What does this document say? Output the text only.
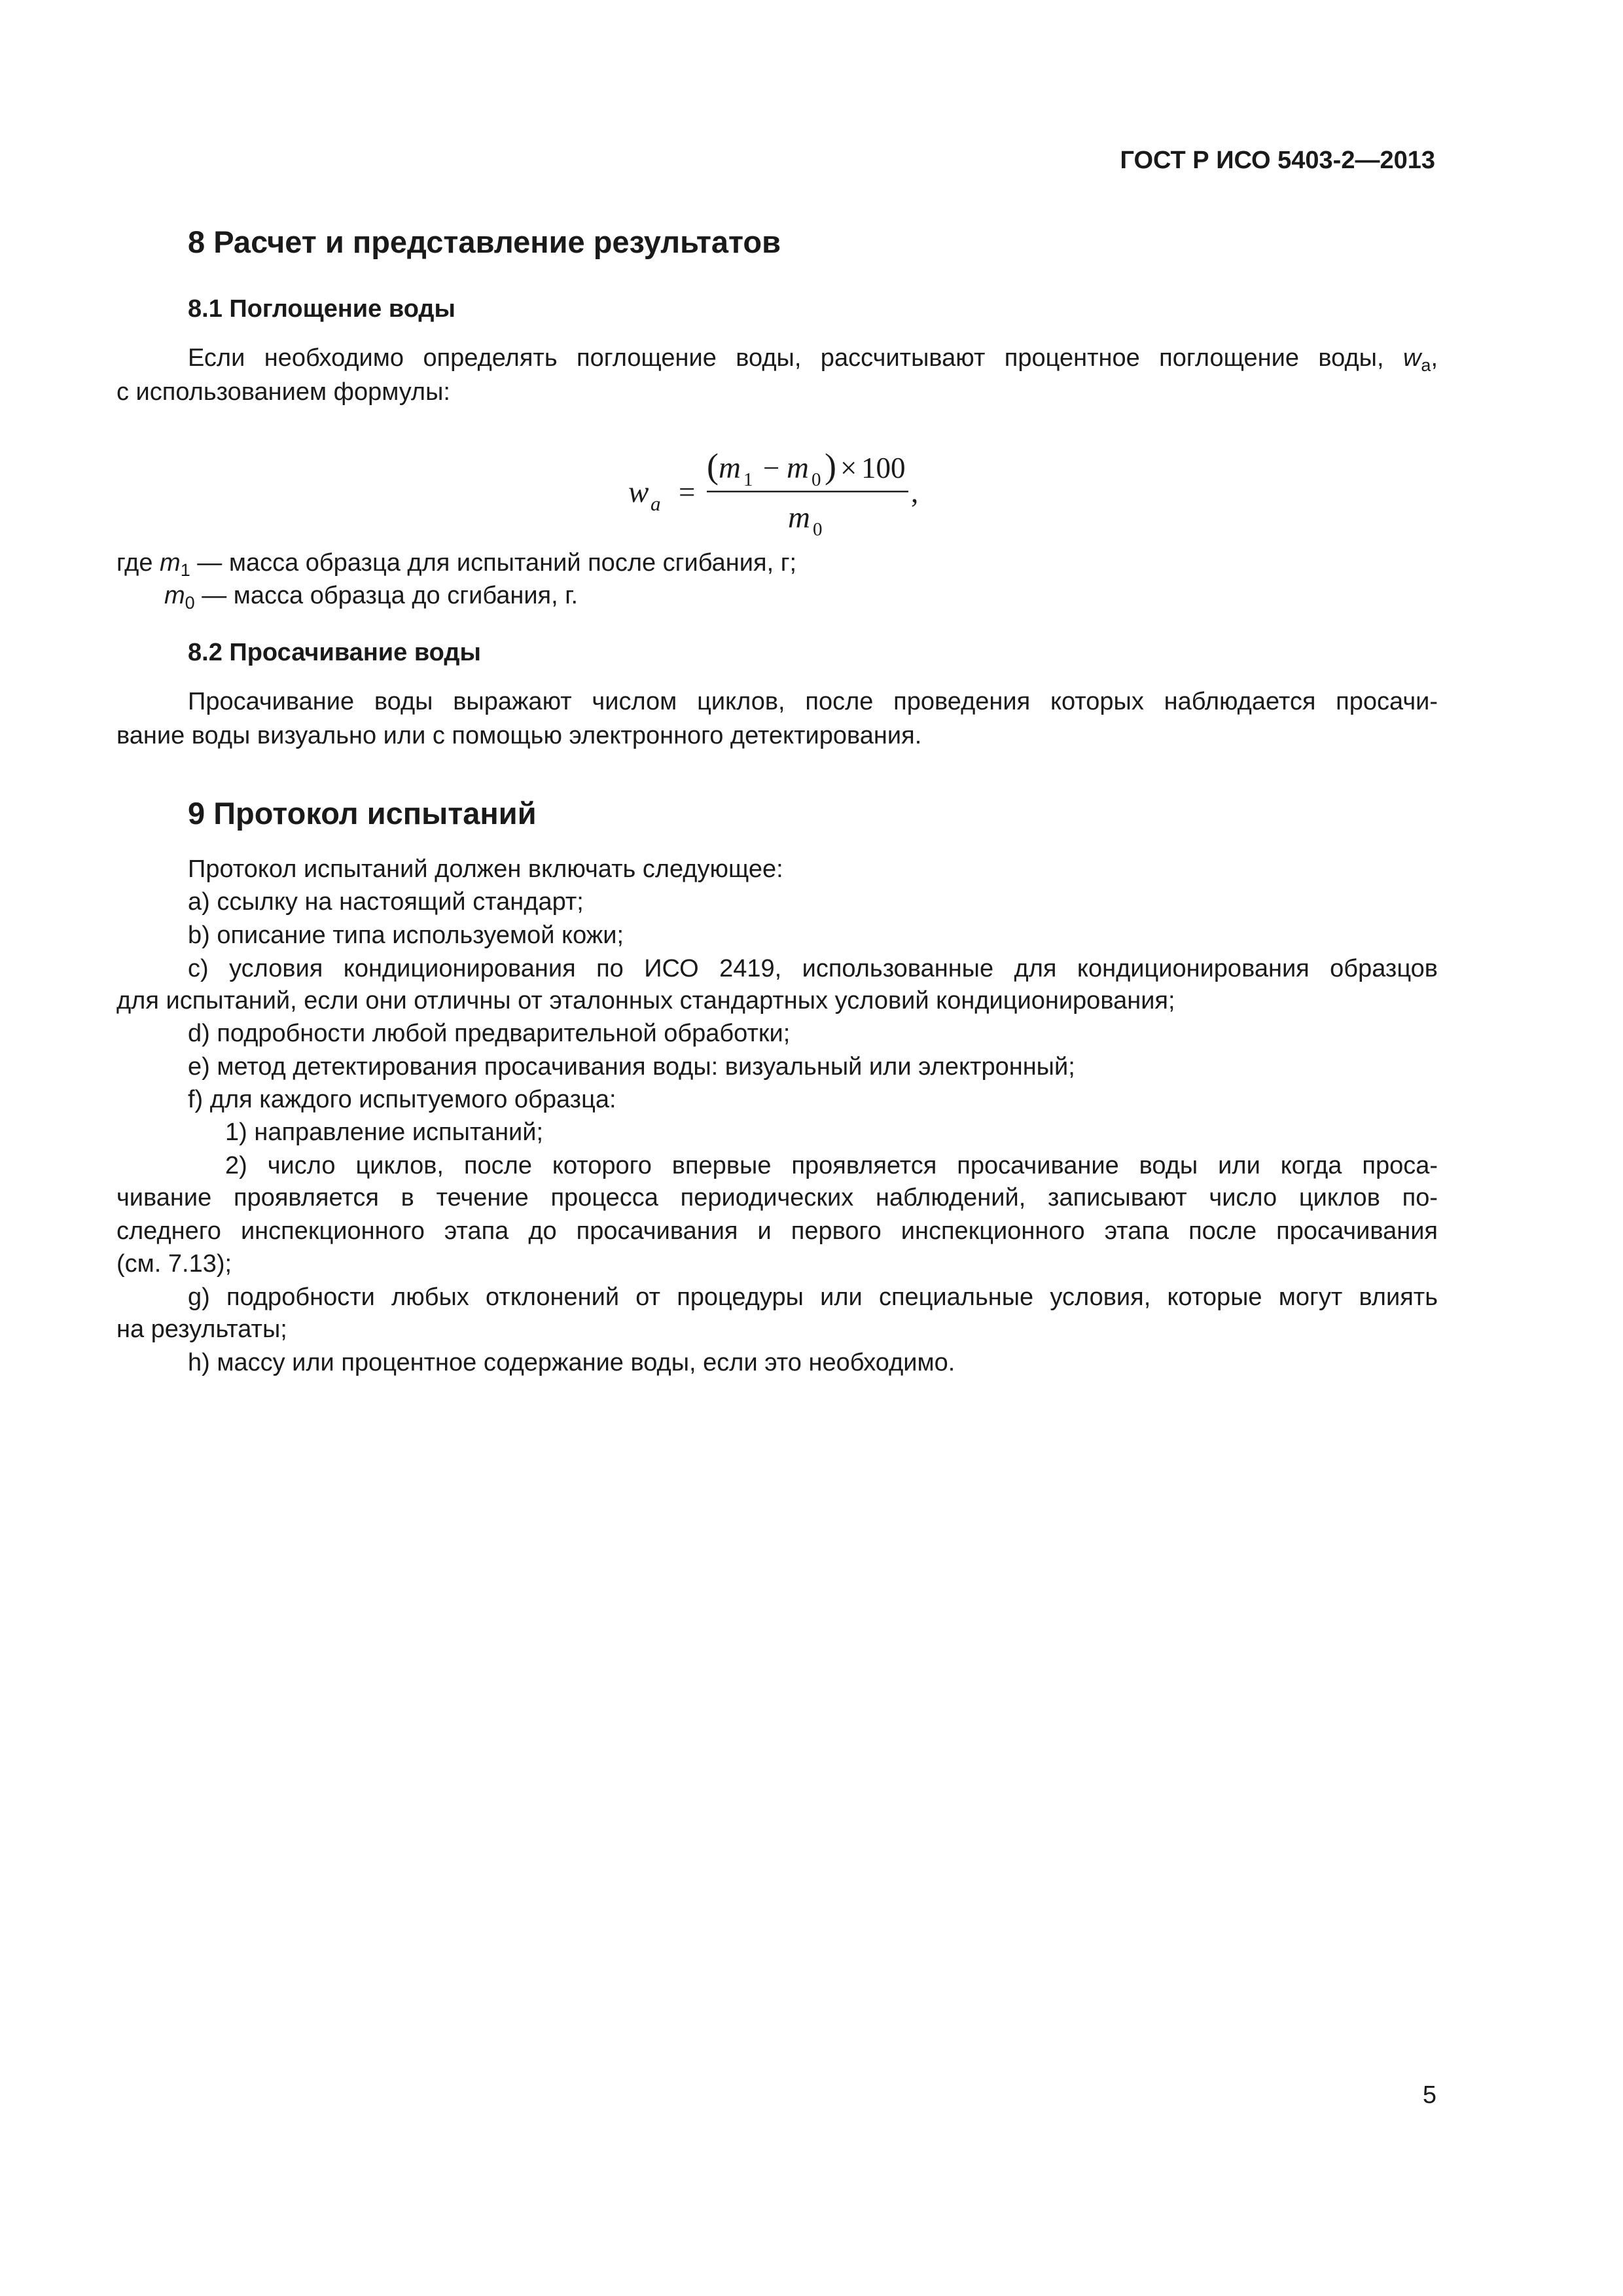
ГОСТ Р ИСО 5403-2—2013
8 Расчет и представление результатов
8.1 Поглощение воды
Если необходимо определять поглощение воды, рассчитывают процентное поглощение воды, $w_a$,
с использованием формулы:
w a =
( m 1 − m 0 ) × 100
m 0
,
где $m_1$ — масса образца для испытаний после сгибания, г;
$m_0$ — масса образца до сгибания, г.
8.2 Просачивание воды
Просачивание воды выражают числом циклов, после проведения которых наблюдается просачи-
вание воды визуально или с помощью электронного детектирования.
9 Протокол испытаний
Протокол испытаний должен включать следующее:
a) ссылку на настоящий стандарт;
b) описание типа используемой кожи;
c) условия кондиционирования по ИСО 2419, использованные для кондиционирования образцов
для испытаний, если они отличны от эталонных стандартных условий кондиционирования;
d) подробности любой предварительной обработки;
e) метод детектирования просачивания воды: визуальный или электронный;
f) для каждого испытуемого образца:
1) направление испытаний;
2) число циклов, после которого впервые проявляется просачивание воды или когда проса-
чивание проявляется в течение процесса периодических наблюдений, записывают число циклов по-
следнего инспекционного этапа до просачивания и первого инспекционного этапа после просачивания
(см. 7.13);
g) подробности любых отклонений от процедуры или специальные условия, которые могут влиять
на результаты;
h) массу или процентное содержание воды, если это необходимо.
5
